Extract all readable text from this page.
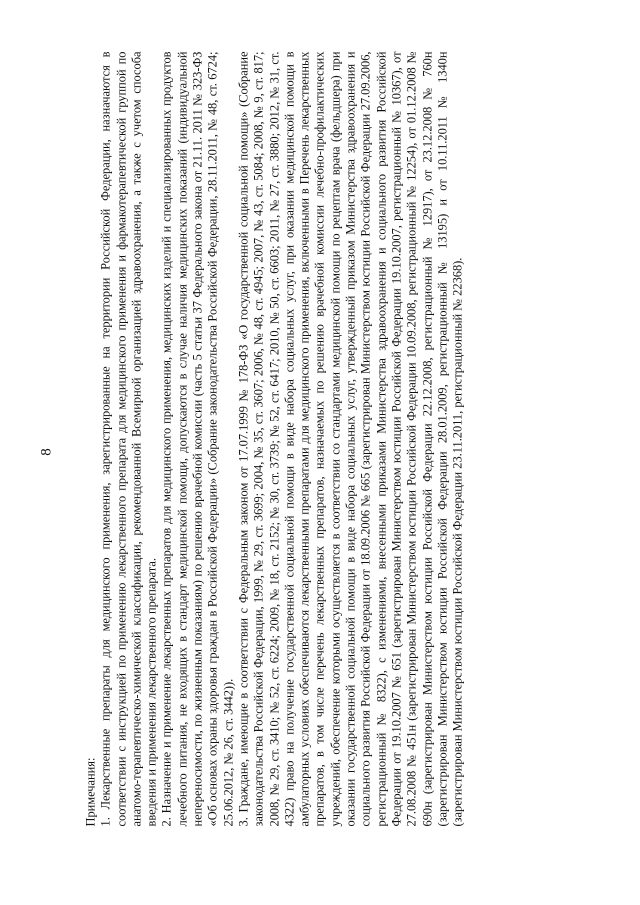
8

Примечания: 1. Лекарственные препараты для медицинского применения, зарегистрированные на территории Российской Федерации, назначаются в соответствии с инструкцией по применению лекарственного препарата для медицинского применения и фармакотерапевтической группой по анатомо-терапевтическо-химической классификации, рекомендованной Всемирной организацией здравоохранения, а также с учетом способа введения и применения лекарственного препарата. 2. Назначение и применение лекарственных препаратов для медицинского применения, медицинских изделий и специализированных продуктов лечебного питания, не входящих в стандарт медицинской помощи, допускаются в случае наличия медицинских показаний (индивидуальной непереносимости, по жизненным показаниям) по решению врачебной комиссии (часть 5 статьи 37 Федерального закона от 21.11. 2011 № 323-ФЗ «Об основах охраны здоровья граждан в Российской Федерации» (Собрание законодательства Российской Федерации, 28.11.2011, № 48, ст. 6724; 25.06.2012, № 26, ст. 3442)). 3. Граждане, имеющие в соответствии с Федеральным законом от 17.07.1999 № 178-ФЗ «О государственной социальной помощи» (Собрание законодательства Российской Федерации, 1999, № 29, ст. 3699; 2004, № 35, ст. 3607; 2006, № 48, ст. 4945; 2007, № 43, ст. 5084; 2008, № 9, ст. 817; 2008, № 29, ст. 3410; № 52, ст. 6224; 2009, № 18, ст. 2152; № 30, ст. 3739; № 52, ст. 6417; 2010, № 50, ст. 6603; 2011, № 27, ст. 3880; 2012, № 31, ст. 4322) право на получение государственной социальной помощи в виде набора социальных услуг, при оказании медицинской помощи в амбулаторных условиях обеспечиваются лекарственными препаратами для медицинского применения, включенными в Перечень лекарственных препаратов, в том числе перечень лекарственных препаратов, назначаемых по решению врачебной комиссии лечебно-профилактических учреждений, обеспечение которыми осуществляется в соответствии со стандартами медицинской помощи по рецептам врача (фельдшера) при оказании государственной социальной помощи в виде набора социальных услуг, утвержденный приказом Министерства здравоохранения и социального развития Российской Федерации от 18.09.2006 № 665 (зарегистрирован Министерством юстиции Российской Федерации 27.09.2006, регистрационный № 8322), с изменениями, внесенными приказами Министерства здравоохранения и социального развития Российской Федерации от 19.10.2007 № 651 (зарегистрирован Министерством юстиции Российской Федерации 19.10.2007, регистрационный № 10367), от 27.08.2008 № 451н (зарегистрирован Министерством юстиции Российской Федерации 10.09.2008, регистрационный № 12254), от 01.12.2008 № 690н (зарегистрирован Министерством юстиции Российской Федерации 22.12.2008, регистрационный № 12917), от 23.12.2008 № 760н (зарегистрирован Министерством юстиции Российской Федерации 28.01.2009, регистрационный № 13195) и от 10.11.2011 № 1340н (зарегистрирован Министерством юстиции Российской Федерации 23.11.2011, регистрационный № 22368).
